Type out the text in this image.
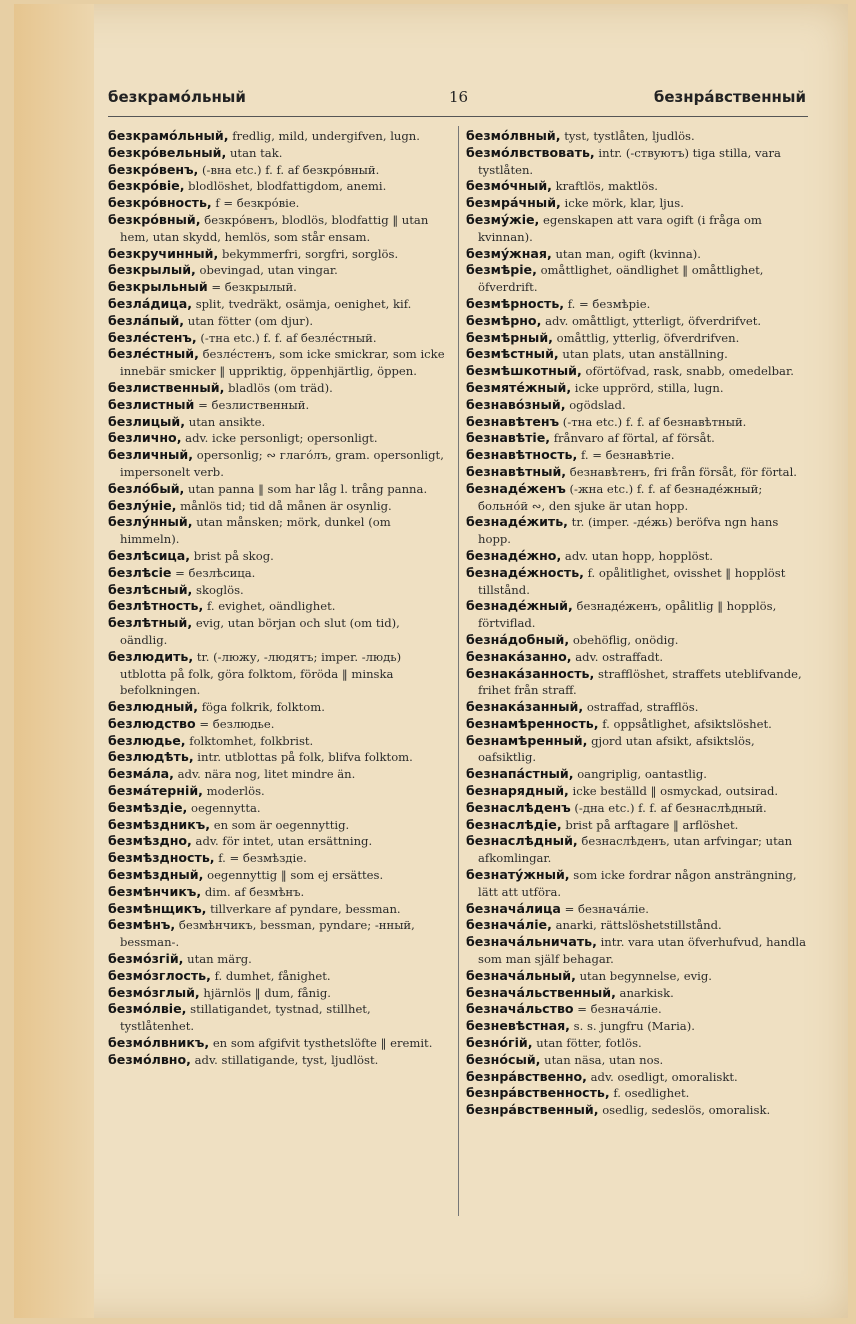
безкрамóльный	16	безнрáвственный

безкрамóльный, fredlig, mild, undergifven, lugn.

безкрóвельный, utan tak.

безкрóвенъ, (-вна etc.) f. f. af безкрóвный.

безкрóвіе, blodlöshet, blodfattigdom, anemi.

безкрóвность, f = безкрóвіе.

безкрóвный, безкрóвенъ, blodlös, blodfattig ‖ utan hem, utan skydd, hemlös, som står ensam.

безкручинный, bekymmerfri, sorgfri, sorglös.

безкрылый, obevingad, utan vingar.

безкрыльный = безкрылый.

безлáдица, split, tvedräkt, osämja, oenighet, kif.

безлáпый, utan fötter (om djur).

безлéстенъ, (-тна etc.) f. f. af безлéстный.

безлéстный, безлéстенъ, som icke smickrar, som icke innebär smicker ‖ uppriktig, öppenhjärtlig, öppen.

безлиственный, bladlös (om träd).

безлистный = безлиственный.

безлицый, utan ansikte.

безлично, adv. icke personligt; opersonligt.

безличный, opersonlig; ∾ глагóлъ, gram. opersonligt, impersonelt verb.

безлóбый, utan panna ‖ som har låg l. trång panna.

безлýніе, månlös tid; tid då månen är osynlig.

безлýнный, utan månsken; mörk, dunkel (om himmeln).

безлѣсица, brist på skog.

безлѣсіе = безлѣсица.

безлѣсный, skoglös.

безлѣтность, f. evighet, oändlighet.

безлѣтный, evig, utan början och slut (om tid), oändlig.

безлюдить, tr. (-люжу, -людятъ; imper. -людь) utblotta på folk, göra folktom, föröda ‖ minska befolkningen.

безлюдный, föga folkrik, folktom.

безлюдство = безлюдье.

безлюдье, folktomhet, folkbrist.

безлюдѣть, intr. utblottas på folk, blifva folktom.

безмáла, adv. nära nog, litet mindre än.

безмáтерній, moderlös.

безмѣздіе, oegennytta.

безмѣздникъ, en som är oegennyttig.

безмѣздно, adv. för intet, utan ersättning.

безмѣздность, f. = безмѣздіе.

безмѣздный, oegennyttig ‖ som ej ersättes.

безмѣнчикъ, dim. af безмѣнъ.

безмѣнщикъ, tillverkare af pyndare, bessman.

безмѣнъ, безмѣнчикъ, bessman, pyndare; -нный, bessman-.

безмóзгій, utan märg.

безмóзглость, f. dumhet, fånighet.

безмóзглый, hjärnlös ‖ dum, fånig.

безмóлвіе, stillatigandet, tystnad, stillhet, tystlåtenhet.

безмóлвникъ, en som afgifvit tysthetslöfte ‖ eremit.

безмóлвно, adv. stillatigande, tyst, ljudlöst.

безмóлвный, tyst, tystlåten, ljudlös.

безмóлвствовать, intr. (-ствуютъ) tiga stilla, vara tystlåten.

безмóчный, kraftlös, maktlös.

безмрáчный, icke mörk, klar, ljus.

безмýжіе, egenskapen att vara ogift (i fråga om kvinnan).

безмýжная, utan man, ogift (kvinna).

безмѣріе, omåttlighet, oändlighet ‖ omåttlighet, öfverdrift.

безмѣрность, f. = безмѣріе.

безмѣрно, adv. omåttligt, ytterligt, öfverdrifvet.

безмѣрный, omåttlig, ytterlig, öfverdrifven.

безмѣстный, utan plats, utan anställning.

безмѣшкотный, oförtöfvad, rask, snabb, omedelbar.

безмятéжный, icke upprörd, stilla, lugn.

безнавóзный, ogödslad.

безнавѣтенъ (-тна etc.) f. f. af безнавѣтный.

безнавѣтіе, frånvaro af förtal, af försåt.

безнавѣтность, f. = безнавѣтіе.

безнавѣтный, безнавѣтенъ, fri från försåt, för förtal.

безнадéженъ (-жна etc.) f. f. af безнадéжный; больнóй ∾, den sjuke är utan hopp.

безнадéжить, tr. (imper. -дéжь) beröfva ngn hans hopp.

безнадéжно, adv. utan hopp, hopplöst.

безнадéжность, f. opålitlighet, ovisshet ‖ hopplöst tillstånd.

безнадéжный, безнадéженъ, opålitlig ‖ hopplös, förtviflad.

безнáдобный, obehöflig, onödig.

безнакáзанно, adv. ostraffadt.

безнакáзанность, strafflöshet, straffets uteblifvande, frihet från straff.

безнакáзанный, ostraffad, strafflös.

безнамѣренность, f. oppsåtlighet, afsiktslöshet.

безнамѣренный, gjord utan afsikt, afsiktslös, oafsiktlig.

безнапáстный, oangriplig, oantastlig.

безнарядный, icke beställd ‖ osmyckad, outsirad.

безнаслѣденъ (-дна etc.) f. f. af безнаслѣдный.

безнаслѣдіе, brist på arftagare ‖ arflöshet.

безнаслѣдный, безнаслѣденъ, utan arfvingar; utan afkomlingar.

безнатýжный, som icke fordrar någon ansträngning, lätt att utföra.

безначáлица = безначáліе.

безначáліе, anarki, rättslöshetstillstånd.

безначáльничать, intr. vara utan öfverhufvud, handla som man själf behagar.

безначáльный, utan begynnelse, evig.

безначáльственный, anarkisk.

безначáльство = безначáліе.

безневѣстная, s. s. jungfru (Maria).

безнóгій, utan fötter, fotlös.

безнóсый, utan näsa, utan nos.

безнрáвственно, adv. osedligt, omoraliskt.

безнрáвственность, f. osedlighet.

безнрáвственный, osedlig, sedeslös, omoralisk.
